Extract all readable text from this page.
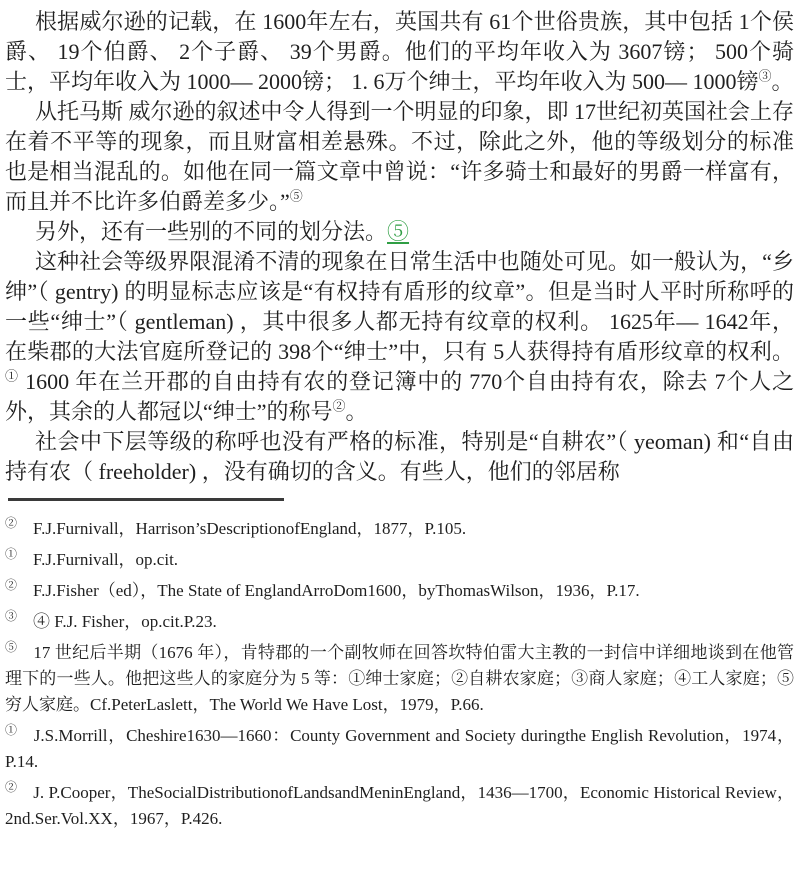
根据威尔逊的记载，在 1600年左右，英国共有 61个世俗贵族，其中包括 1个侯爵、 19个伯爵、 2个子爵、 39个男爵。他们的平均年收入为 3607镑； 500个骑士，平均年收入为 1000— 2000镑； 1. 6万个绅士，平均年收入为 500— 1000镑③。

从托马斯 威尔逊的叙述中令人得到一个明显的印象，即 17世纪初英国社会上存在着不平等的现象，而且财富相差悬殊。不过，除此之外，他的等级划分的标准也是相当混乱的。如他在同一篇文章中曾说：“许多骑士和最好的男爵一样富有，而且并不比许多伯爵差多少。”⑤

另外，还有一些别的不同的划分法。⑤

这种社会等级界限混淆不清的现象在日常生活中也随处可见。如一般认为，“乡绅”（ gentry) 的明显标志应该是“有权持有盾形的纹章”。但是当时人平时所称呼的一些“绅士”（ gentleman) ，其中很多人都无持有纹章的权利。 1625年— 1642年，在柴郡的大法官庭所登记的 398个“绅士”中，只有 5人获得持有盾形纹章的权利。① 1600 年在兰开郡的自由持有农的登记簿中的 770个自由持有农，除去 7个人之外，其余的人都冠以“绅士”的称号②。

社会中下层等级的称呼也没有严格的标准，特别是“自耕农”（ yeoman) 和“自由持有农（ freeholder) ，没有确切的含义。有些人，他们的邻居称

② F.J.Furnivall，Harrison’sDescriptionofEngland，1877，P.105.

① F.J.Furnivall，op.cit.

② F.J.Fisher（ed），The State of EnglandArroDom1600，byThomasWilson，1936，P.17.

③ ④ F.J. Fisher，op.cit.P.23.

⑤ 17 世纪后半期（1676 年），肯特郡的一个副牧师在回答坎特伯雷大主教的一封信中详细地谈到在他管理下的一些人。他把这些人的家庭分为 5 等：①绅士家庭；②自耕农家庭；③商人家庭；④工人家庭；⑤穷人家庭。Cf.PeterLaslett，The World We Have Lost，1979，P.66.

① J.S.Morrill，Cheshire1630—1660：County Government and Society duringthe English Revolution，1974，P.14.

② J. P.Cooper，TheSocialDistributionofLandsandMeninEngland，1436—1700，Economic Historical Review，2nd.Ser.Vol.XX，1967，P.426.
